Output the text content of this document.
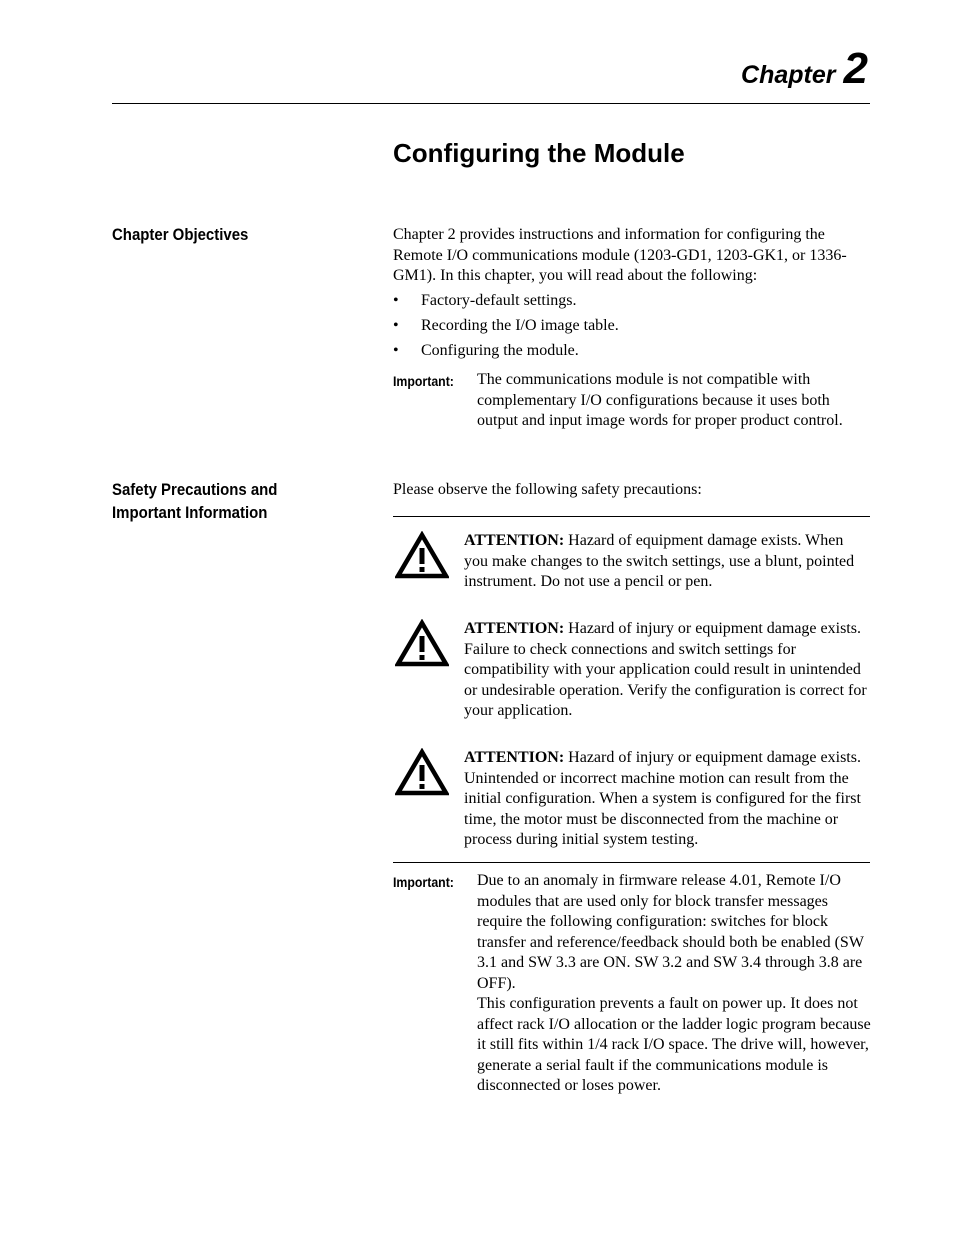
Chapter 2
Configuring the Module
Chapter Objectives	Chapter 2 provides instructions and information for configuring the Remote I/O communications module (1203-GD1, 1203-GK1, or 1336-GM1). In this chapter, you will read about the following:

• Factory-default settings.
• Recording the I/O image table.
• Configuring the module.
Important: The communications module is not compatible with complementary I/O configurations because it uses both output and input image words for proper product control.
Safety Precautions and
Important Information

Please observe the following safety precautions:

ATTENTION: Hazard of equipment damage exists. When you make changes to the switch settings, use a blunt, pointed instrument. Do not use a pencil or pen.
ATTENTION: Hazard of injury or equipment damage exists. Failure to check connections and switch settings for compatibility with your application could result in unintended or undesirable operation. Verify the configuration is correct for your application.
ATTENTION: Hazard of injury or equipment damage exists. Unintended or incorrect machine motion can result from the initial configuration. When a system is configured for the first time, the motor must be disconnected from the machine or process during initial system testing.
Important: Due to an anomaly in firmware release 4.01, Remote I/O modules that are used only for block transfer messages require the following configuration: switches for block transfer and reference/feedback should both be enabled (SW 3.1 and SW 3.3 are ON. SW 3.2 and SW 3.4 through 3.8 are OFF).
This configuration prevents a fault on power up. It does not affect rack I/O allocation or the ladder logic program because it still fits within 1/4 rack I/O space. The drive will, however, generate a serial fault if the communications module is disconnected or loses power.
